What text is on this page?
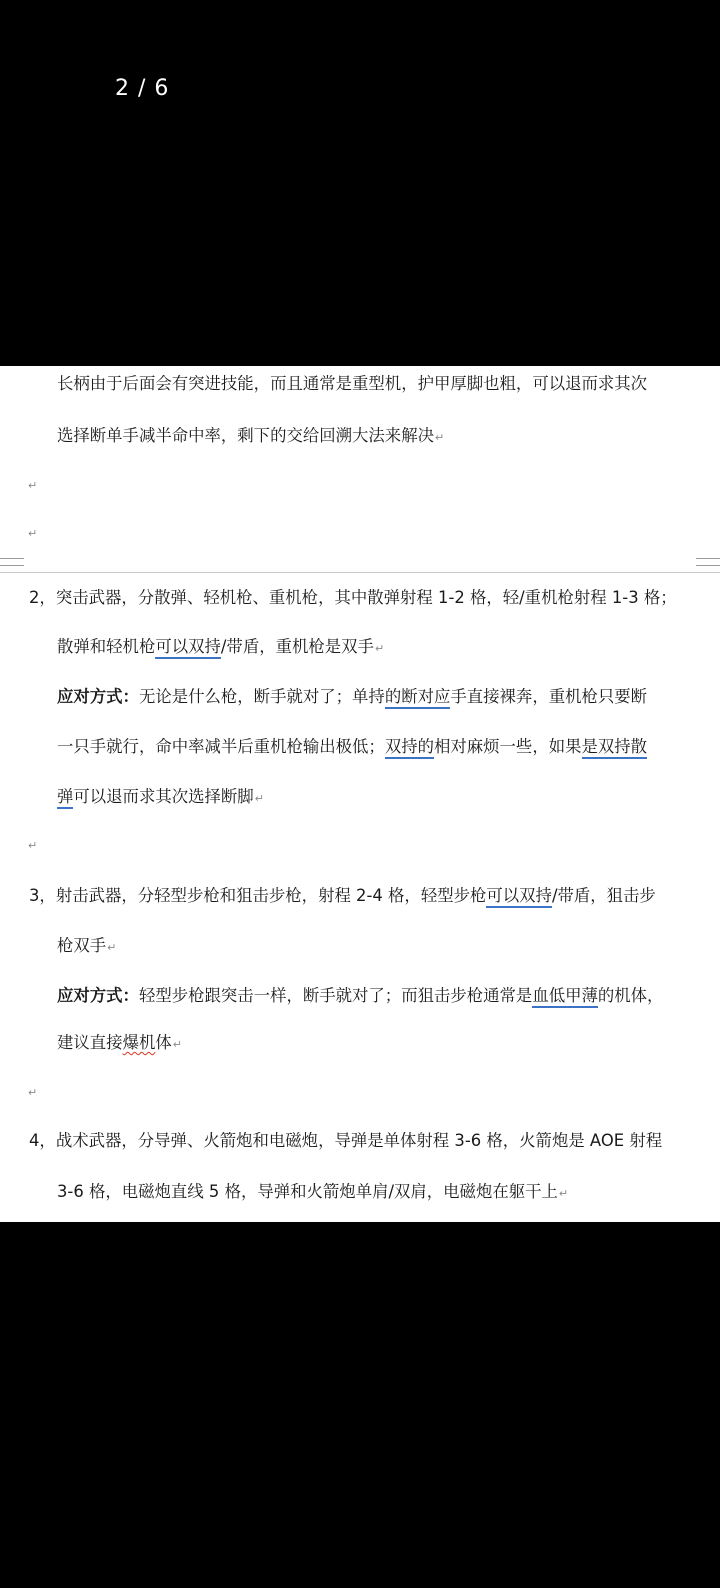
2 / 6
长柄由于后面会有突进技能，而且通常是重型机，护甲厚脚也粗，可以退而求其次
选择断单手减半命中率，剩下的交给回溯大法来解决↵
↵
↵
2，突击武器，分散弹、轻机枪、重机枪，其中散弹射程 1-2 格，轻/重机枪射程 1-3 格；
散弹和轻机枪可以双持/带盾，重机枪是双手↵
应对方式：无论是什么枪，断手就对了；单持的断对应手直接裸奔，重机枪只要断
一只手就行，命中率减半后重机枪输出极低；双持的相对麻烦一些，如果是双持散
弹可以退而求其次选择断脚↵
↵
3，射击武器，分轻型步枪和狙击步枪，射程 2-4 格，轻型步枪可以双持/带盾，狙击步
枪双手↵
应对方式：轻型步枪跟突击一样，断手就对了；而狙击步枪通常是血低甲薄的机体，
建议直接爆机体↵
↵
4，战术武器，分导弹、火箭炮和电磁炮，导弹是单体射程 3-6 格，火箭炮是 AOE 射程
3-6 格，电磁炮直线 5 格，导弹和火箭炮单肩/双肩，电磁炮在躯干上↵
